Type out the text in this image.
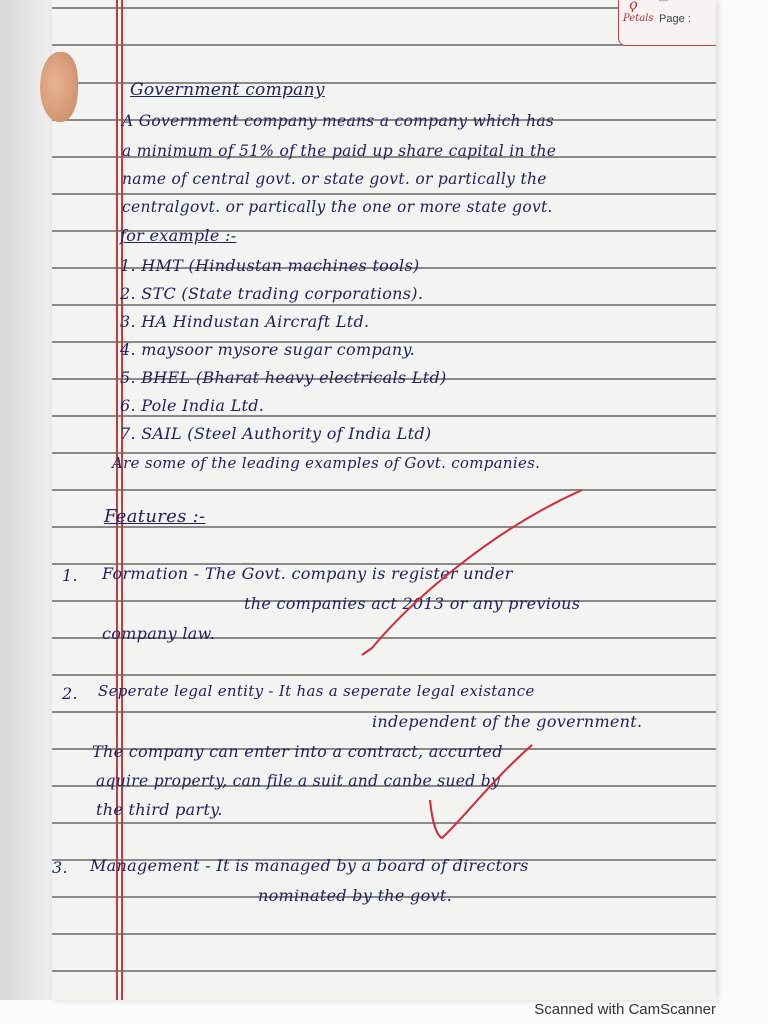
ϙ
Petals
—
Page :
Government company
A Government company means a company which has
a minimum of 51% of the paid up share capital in the
name of central govt. or state govt. or partically the
centralgovt. or partically the one or more state govt.
for example :-
1. HMT (Hindustan machines tools)
2. STC (State trading corporations).
3. HA Hindustan Aircraft Ltd.
4. maysoor mysore sugar company.
5. BHEL (Bharat heavy electricals Ltd)
6. Pole India Ltd.
7. SAIL (Steel Authority of India Ltd)
Are some of the leading examples of Govt. companies.
Features :-
1. Formation - The Govt. company is register under
the companies act 2013 or any previous
company law.
2. Seperate legal entity - It has a seperate legal existance
independent of the government.
The company can enter into a contract, accurted
aquire property, can file a suit and canbe sued by
the third party.
3. Management - It is managed by a board of directors
nominated by the govt.
Scanned with CamScanner
